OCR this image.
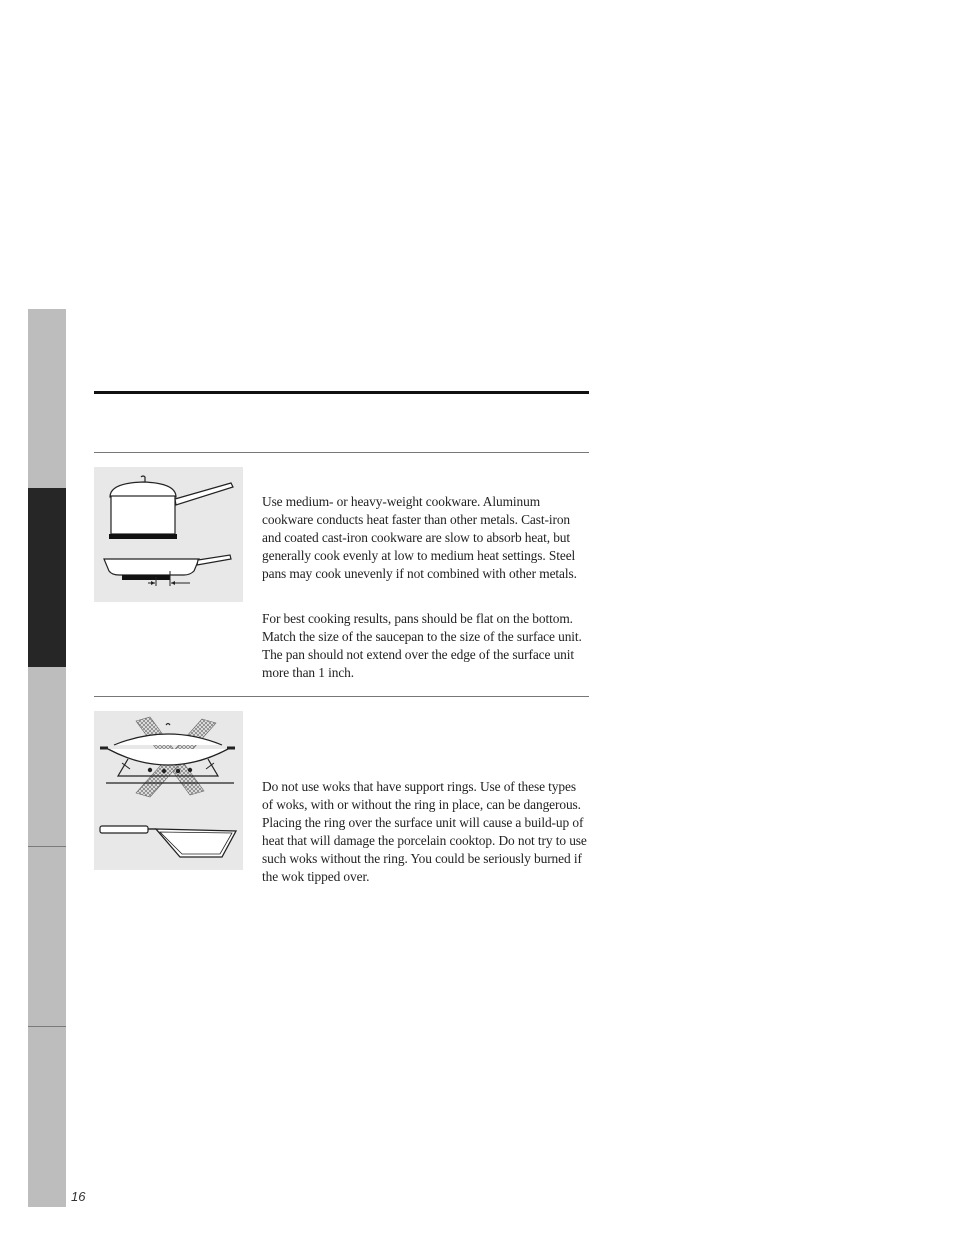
Use medium- or heavy-weight cookware. Aluminum cookware conducts heat faster than other metals. Cast-iron and coated cast-iron cookware are slow to absorb heat, but generally cook evenly at low to medium heat settings. Steel pans may cook unevenly if not combined with other metals.

For best cooking results, pans should be flat on the bottom. Match the size of the saucepan to the size of the surface unit. The pan should not extend over the edge of the surface unit more than 1 inch.

Do not use woks that have support rings. Use of these types of woks, with or without the ring in place, can be dangerous. Placing the ring over the surface unit will cause a build-up of heat that will damage the porcelain cooktop. Do not try to use such woks without the ring. You could be seriously burned if the wok tipped over.

16
